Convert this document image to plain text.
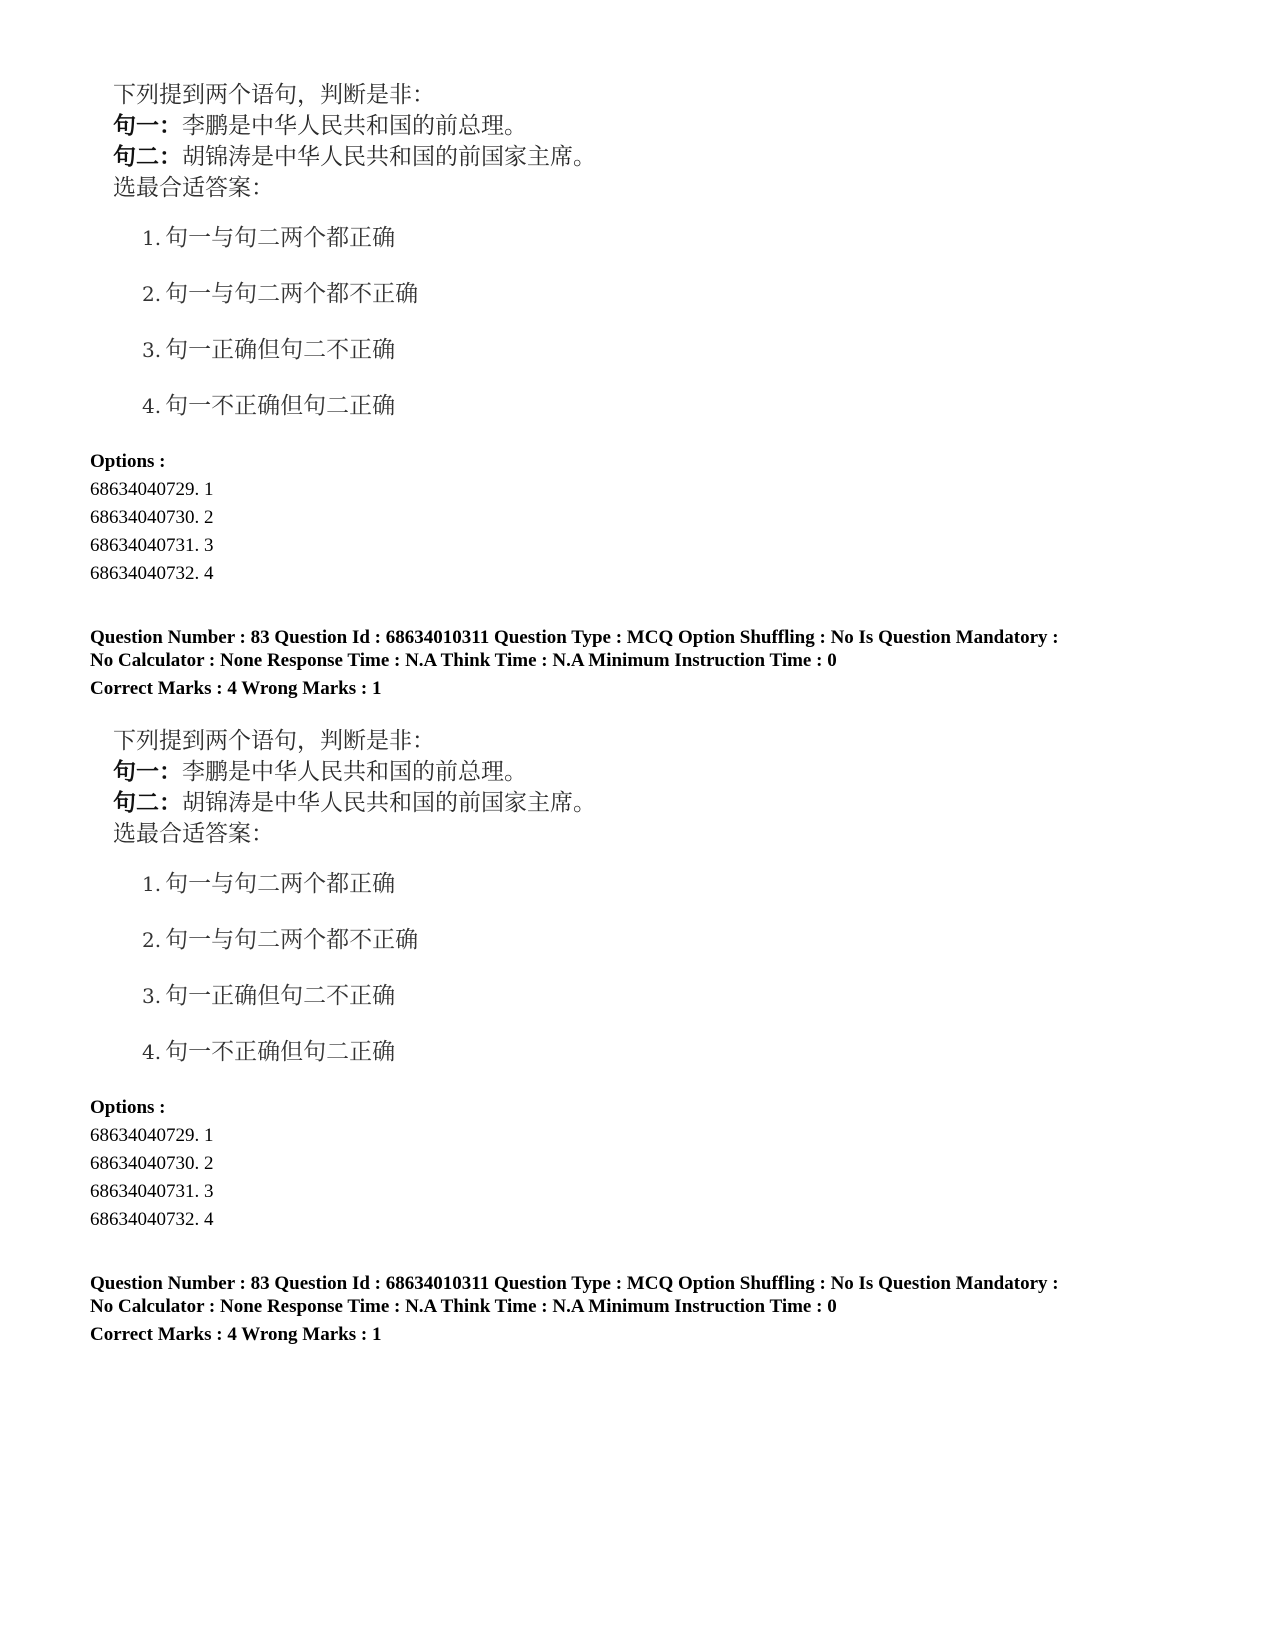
下列提到两个语句，判断是非：
句一：李鹏是中华人民共和国的前总理。
句二：胡锦涛是中华人民共和国的前国家主席。
选最合适答案：
1. 句一与句二两个都正确
2. 句一与句二两个都不正确
3. 句一正确但句二不正确
4. 句一不正确但句二正确
Options :
68634040729. 1
68634040730. 2
68634040731. 3
68634040732. 4
Question Number : 83 Question Id : 68634010311 Question Type : MCQ Option Shuffling : No Is Question Mandatory :
No Calculator : None Response Time : N.A Think Time : N.A Minimum Instruction Time : 0
Correct Marks : 4 Wrong Marks : 1
下列提到两个语句，判断是非：
句一：李鹏是中华人民共和国的前总理。
句二：胡锦涛是中华人民共和国的前国家主席。
选最合适答案：
1. 句一与句二两个都正确
2. 句一与句二两个都不正确
3. 句一正确但句二不正确
4. 句一不正确但句二正确
Options :
68634040729. 1
68634040730. 2
68634040731. 3
68634040732. 4
Question Number : 83 Question Id : 68634010311 Question Type : MCQ Option Shuffling : No Is Question Mandatory :
No Calculator : None Response Time : N.A Think Time : N.A Minimum Instruction Time : 0
Correct Marks : 4 Wrong Marks : 1
